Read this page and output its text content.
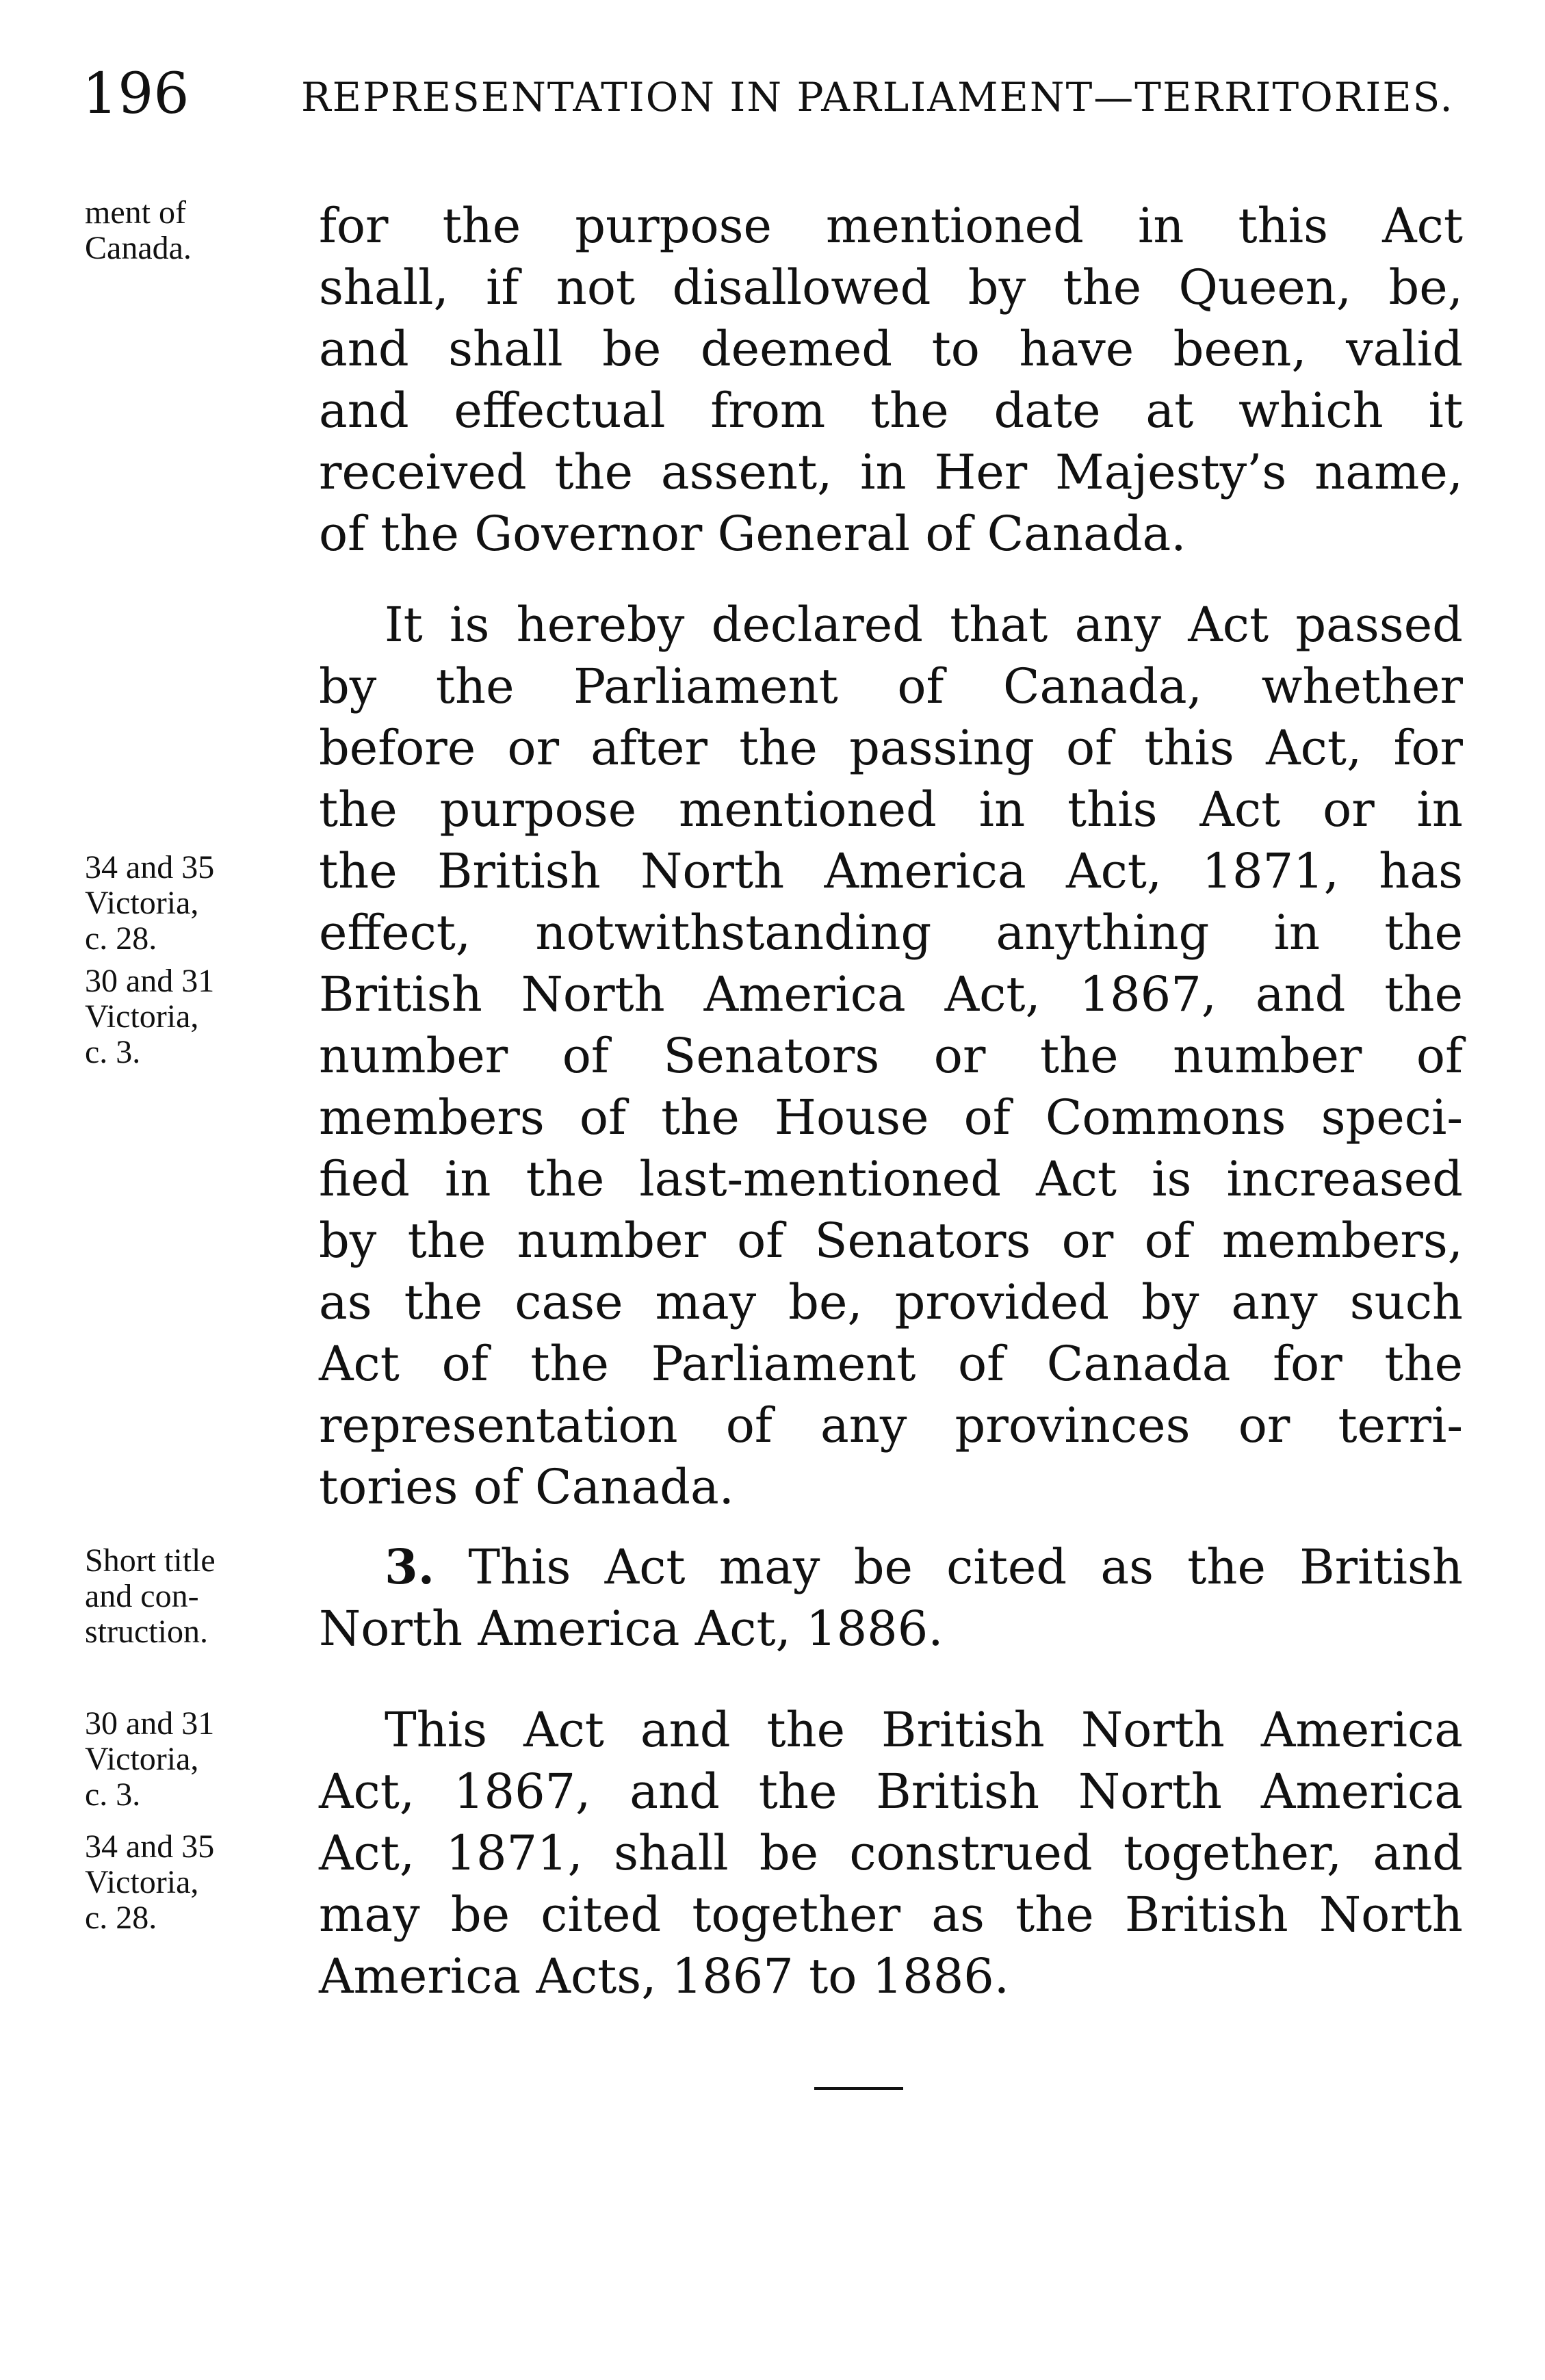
196	REPRESENTATION IN PARLIAMENT—TERRITORIES.
ment of
Canada.
34 and 35
Victoria,
c. 28.
30 and 31
Victoria,
c. 3.
Short title
and con-
struction.
30 and 31
Victoria,
c. 3.
34 and 35
Victoria,
c. 28.
for the purpose mentioned in this Act
shall, if not disallowed by the Queen, be,
and shall be deemed to have been, valid
and effectual from the date at which it
received the assent, in Her Majesty’s name,
of the Governor General of Canada.
It is hereby declared that any Act passed
by the Parliament of Canada, whether
before or after the passing of this Act, for
the purpose mentioned in this Act or in
the British North America Act, 1871, has
effect, notwithstanding anything in the
British North America Act, 1867, and the
number of Senators or the number of
members of the House of Commons speci-
fied in the last-mentioned Act is increased
by the number of Senators or of members,
as the case may be, provided by any such
Act of the Parliament of Canada for the
representation of any provinces or terri-
tories of Canada.
3. This Act may be cited as the British
North America Act, 1886.
This Act and the British North America
Act, 1867, and the British North America
Act, 1871, shall be construed together, and
may be cited together as the British North
America Acts, 1867 to 1886.
